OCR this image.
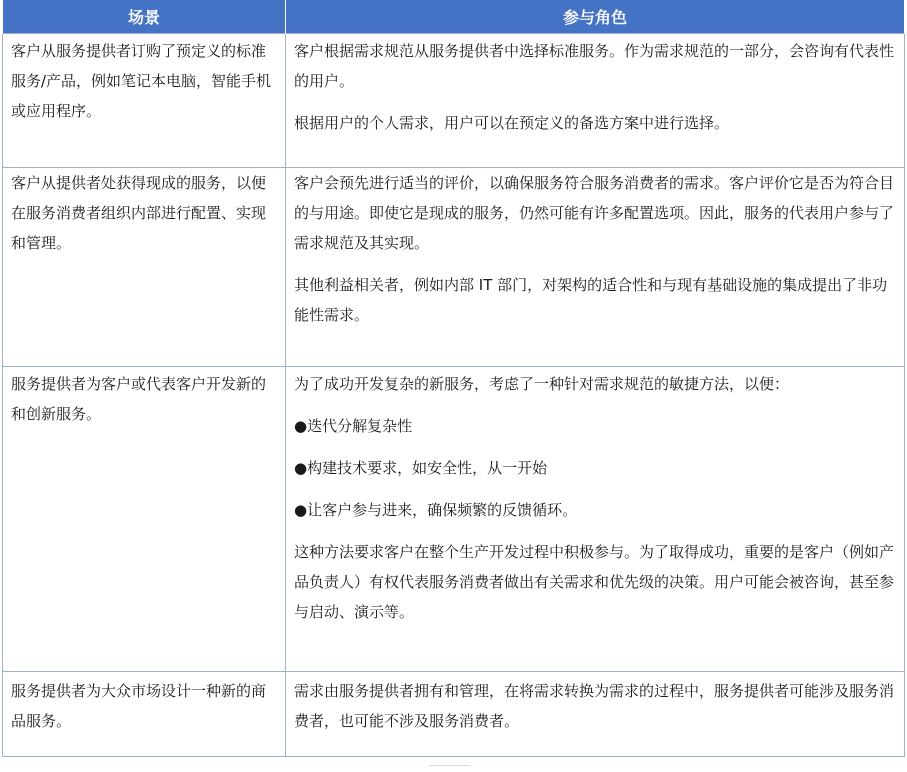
场景	参与角色

客户从服务提供者订购了预定义的标准服务/产品，例如笔记本电脑，智能手机或应用程序。	客户根据需求规范从服务提供者中选择标准服务。作为需求规范的一部分，会咨询有代表性的用户。

根据用户的个人需求，用户可以在预定义的备选方案中进行选择。

客户从提供者处获得现成的服务，以便在服务消费者组织内部进行配置、实现和管理。	客户会预先进行适当的评价，以确保服务符合服务消费者的需求。客户评价它是否为符合目的与用途。即使它是现成的服务，仍然可能有许多配置选项。因此，服务的代表用户参与了需求规范及其实现。

其他利益相关者，例如内部 IT 部门，对架构的适合性和与现有基础设施的集成提出了非功能性需求。

服务提供者为客户或代表客户开发新的和创新服务。	为了成功开发复杂的新服务，考虑了一种针对需求规范的敏捷方法，以便：

●迭代分解复杂性

●构建技术要求，如安全性，从一开始

●让客户参与进来，确保频繁的反馈循环。

这种方法要求客户在整个生产开发过程中积极参与。为了取得成功，重要的是客户（例如产品负责人）有权代表服务消费者做出有关需求和优先级的决策。用户可能会被咨询，甚至参与启动、演示等。

服务提供者为大众市场设计一种新的商品服务。	需求由服务提供者拥有和管理，在将需求转换为需求的过程中，服务提供者可能涉及服务消费者，也可能不涉及服务消费者。
